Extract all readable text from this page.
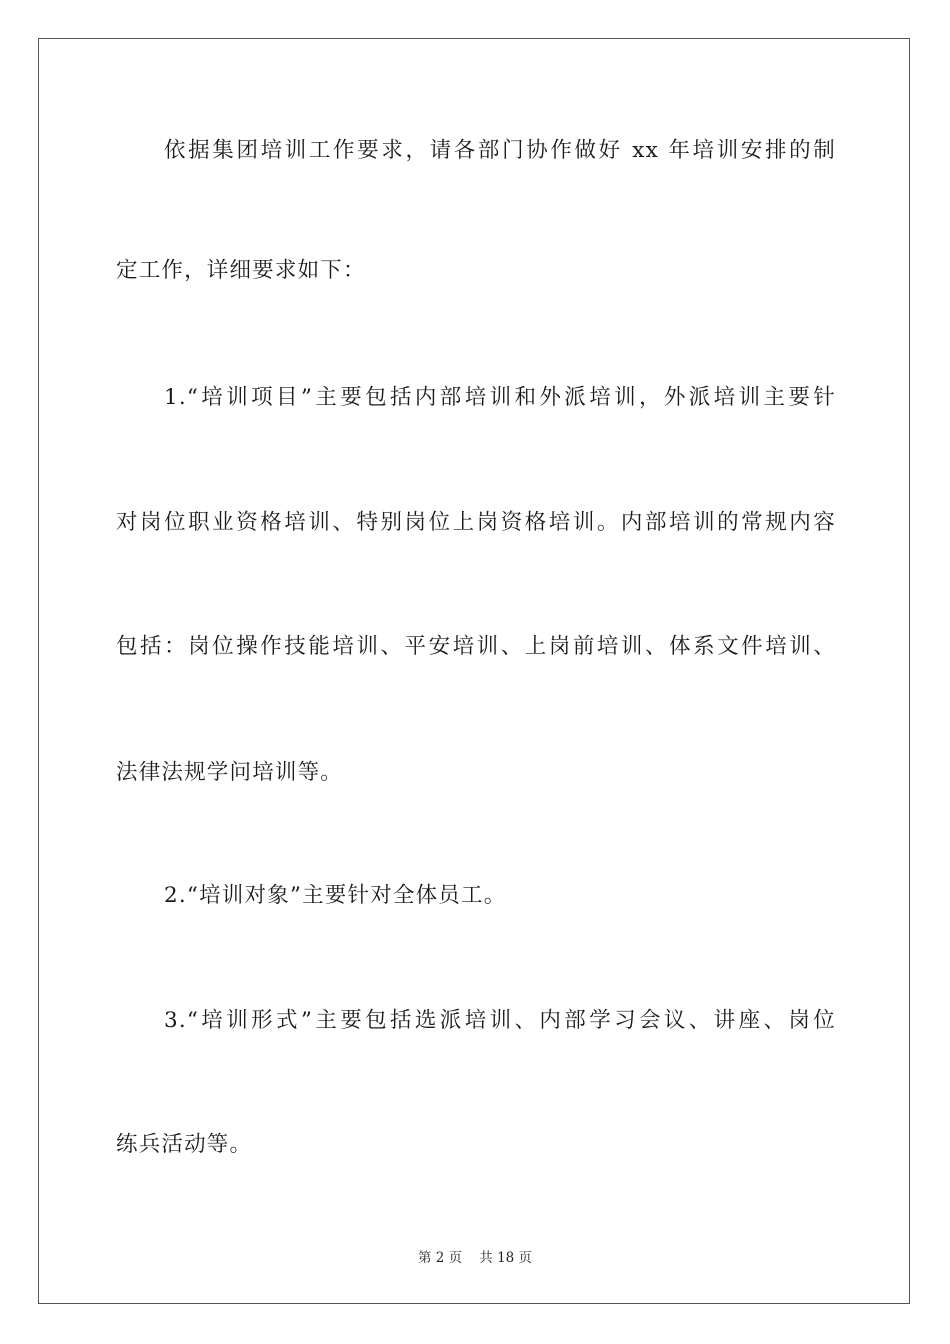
依据集团培训工作要求，请各部门协作做好 xx 年培训安排的制
定工作，详细要求如下：
1.“培训项目”主要包括内部培训和外派培训，外派培训主要针
对岗位职业资格培训、特别岗位上岗资格培训。内部培训的常规内容
包括：岗位操作技能培训、平安培训、上岗前培训、体系文件培训、
法律法规学问培训等。
2.“培训对象”主要针对全体员工。
3.“培训形式”主要包括选派培训、内部学习会议、讲座、岗位
练兵活动等。
第 2 页    共 18 页
